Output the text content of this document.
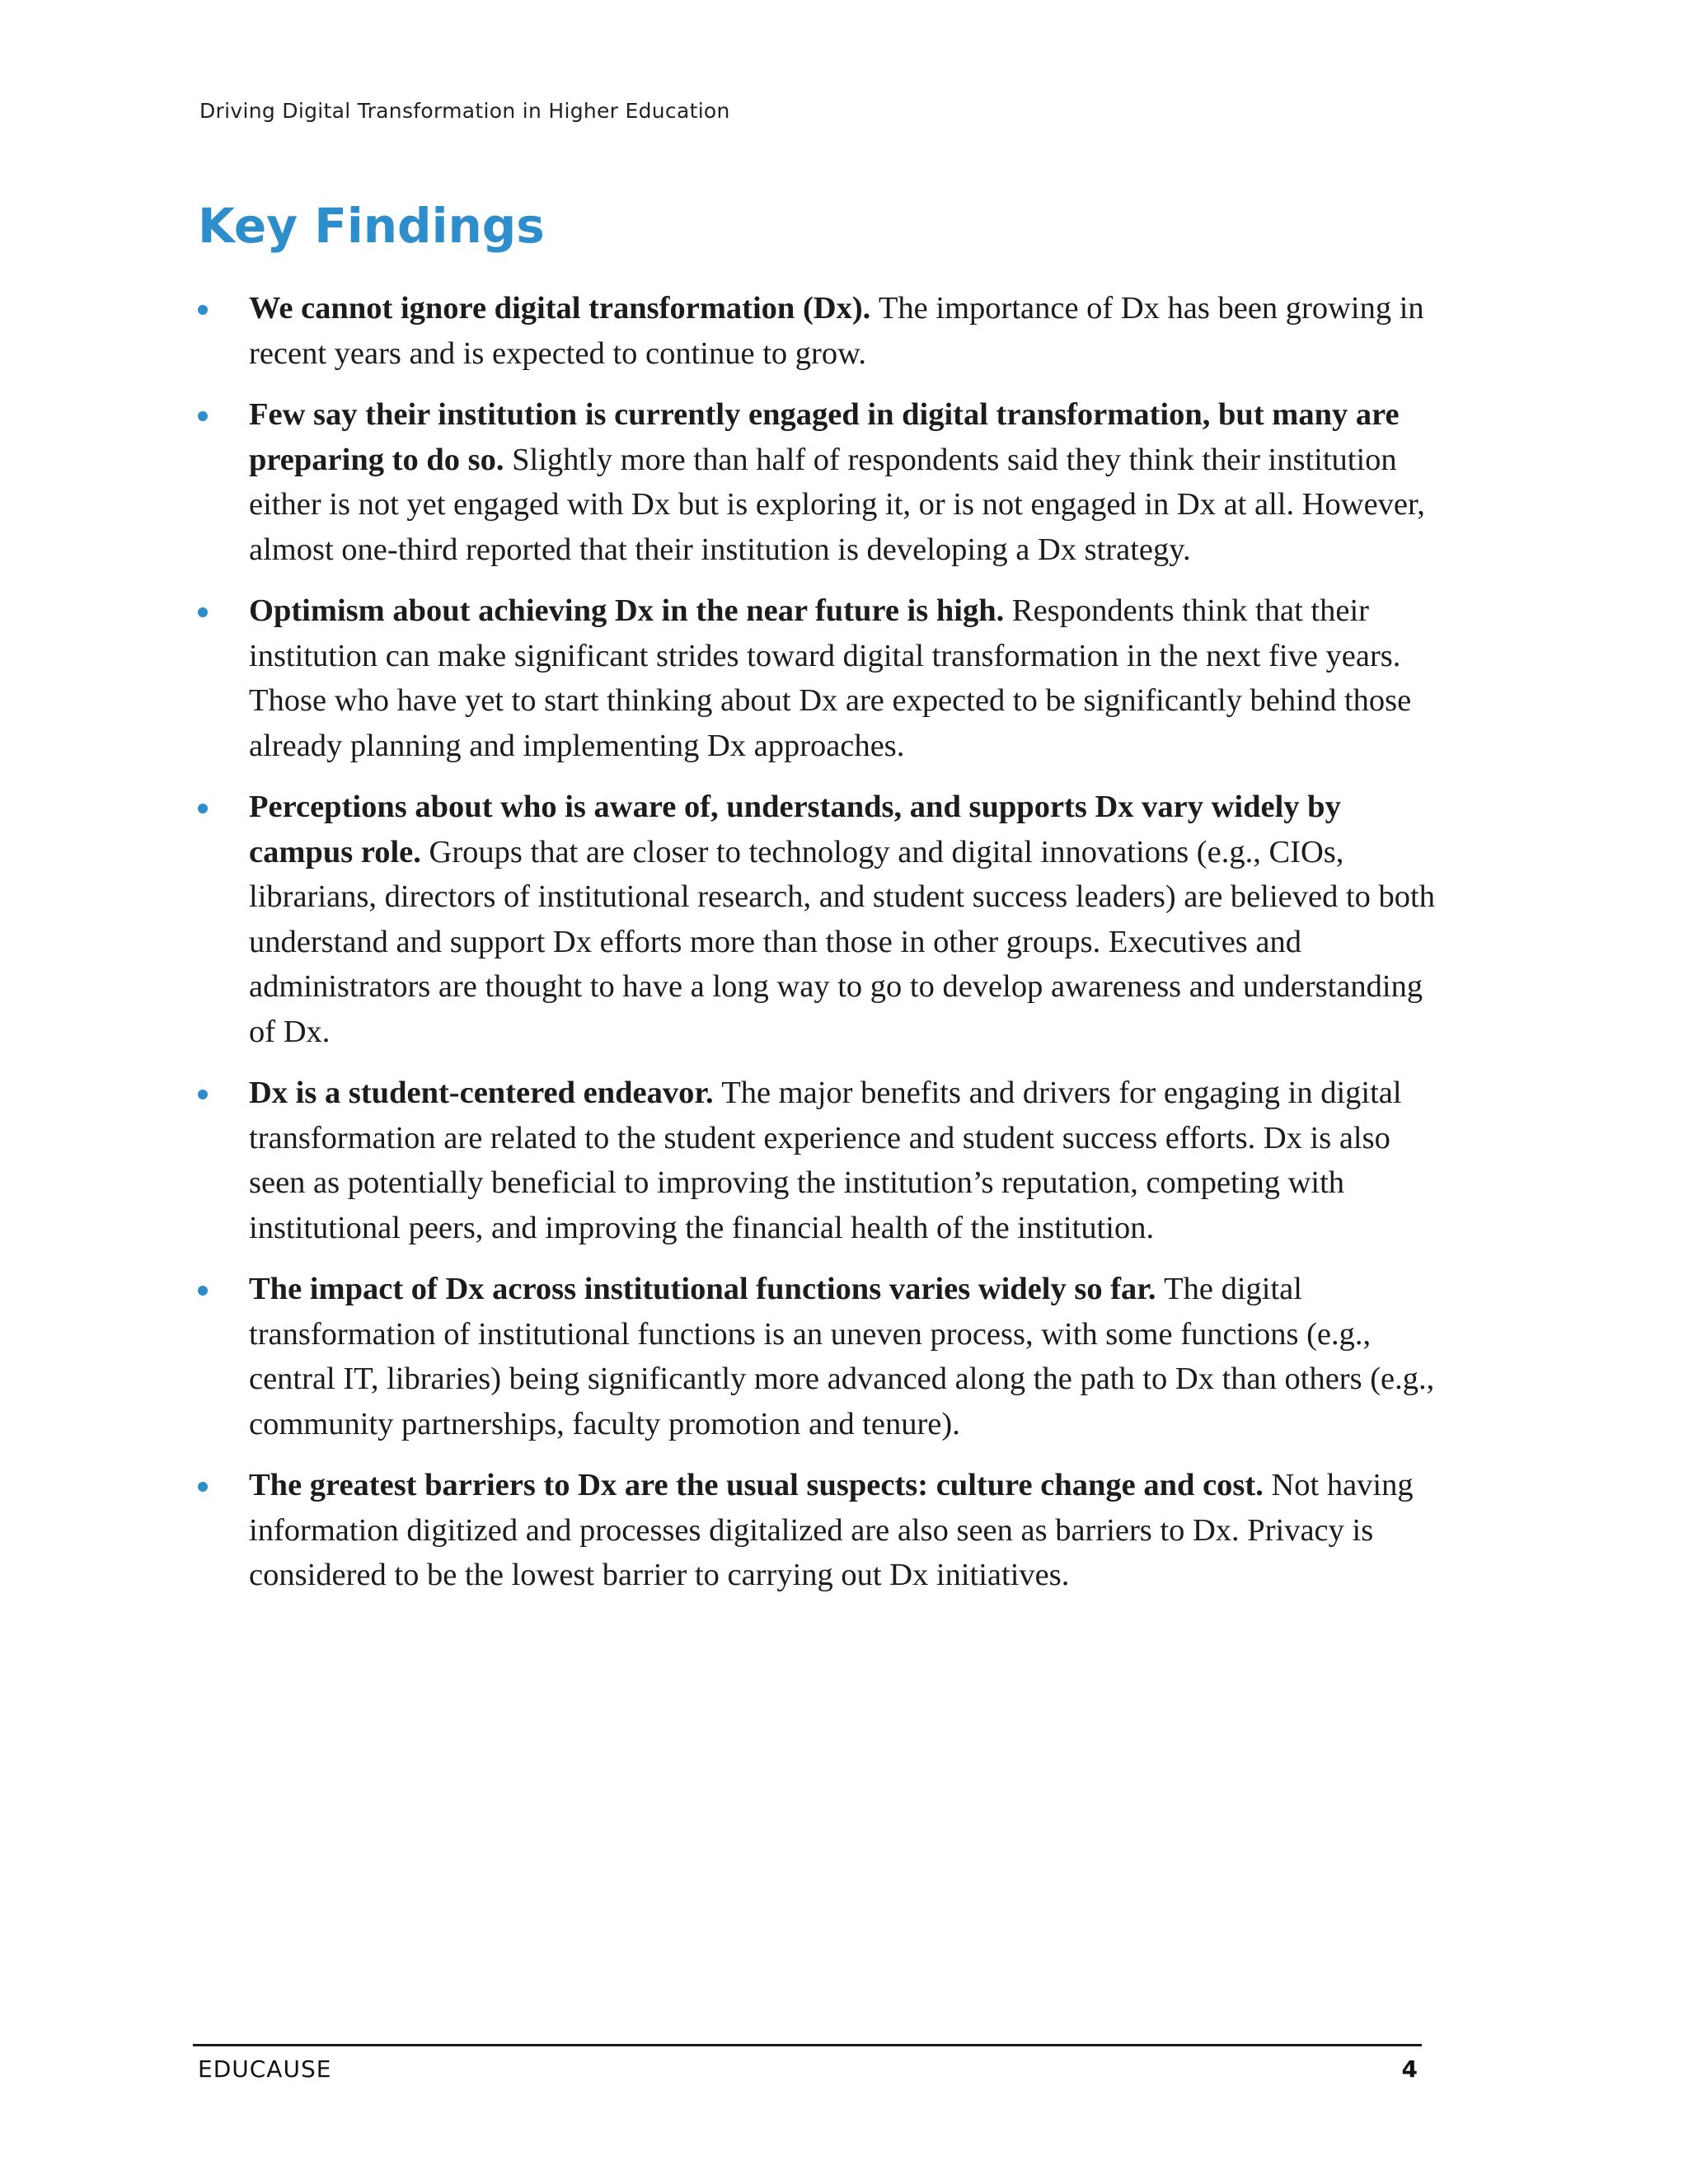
Driving Digital Transformation in Higher Education
Key Findings
We cannot ignore digital transformation (Dx). The importance of Dx has been growing in recent years and is expected to continue to grow.
Few say their institution is currently engaged in digital transformation, but many are preparing to do so. Slightly more than half of respondents said they think their institution either is not yet engaged with Dx but is exploring it, or is not engaged in Dx at all. However, almost one-third reported that their institution is developing a Dx strategy.
Optimism about achieving Dx in the near future is high. Respondents think that their institution can make significant strides toward digital transformation in the next five years. Those who have yet to start thinking about Dx are expected to be significantly behind those already planning and implementing Dx approaches.
Perceptions about who is aware of, understands, and supports Dx vary widely by campus role. Groups that are closer to technology and digital innovations (e.g., CIOs, librarians, directors of institutional research, and student success leaders) are believed to both understand and support Dx efforts more than those in other groups. Executives and administrators are thought to have a long way to go to develop awareness and understanding of Dx.
Dx is a student-centered endeavor. The major benefits and drivers for engaging in digital transformation are related to the student experience and student success efforts. Dx is also seen as potentially beneficial to improving the institution’s reputation, competing with institutional peers, and improving the financial health of the institution.
The impact of Dx across institutional functions varies widely so far. The digital transformation of institutional functions is an uneven process, with some functions (e.g., central IT, libraries) being significantly more advanced along the path to Dx than others (e.g., community partnerships, faculty promotion and tenure).
The greatest barriers to Dx are the usual suspects: culture change and cost. Not having information digitized and processes digitalized are also seen as barriers to Dx. Privacy is considered to be the lowest barrier to carrying out Dx initiatives.
EDUCAUSE	4
